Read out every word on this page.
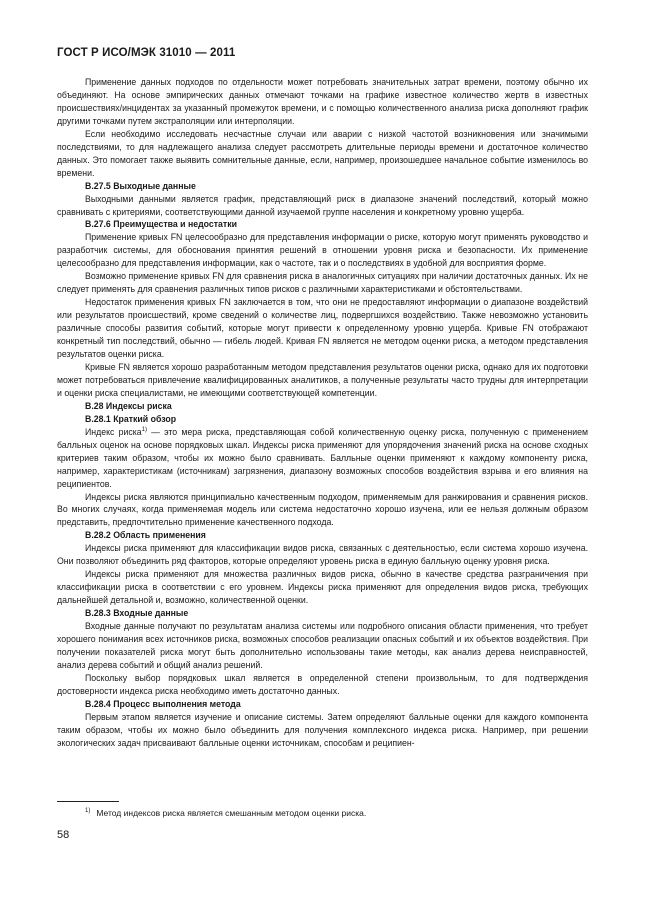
ГОСТ Р ИСО/МЭК 31010 — 2011

Применение данных подходов по отдельности может потребовать значительных затрат времени, поэтому обычно их объединяют. На основе эмпирических данных отмечают точками на графике известное количество жертв в известных происшествиях/инцидентах за указанный промежуток времени, и с помощью количественного анализа риска дополняют график другими точками путем экстраполяции или интерполяции.

Если необходимо исследовать несчастные случаи или аварии с низкой частотой возникновения или значимыми последствиями, то для надлежащего анализа следует рассмотреть длительные периоды времени и достаточное количество данных. Это помогает также выявить сомнительные данные, если, например, произошедшее начальное событие изменилось во времени.

В.27.5 Выходные данные

Выходными данными является график, представляющий риск в диапазоне значений последствий, который можно сравнивать с критериями, соответствующими данной изучаемой группе населения и конкретному уровню ущерба.

В.27.6 Преимущества и недостатки

Применение кривых FN целесообразно для представления информации о риске, которую могут применять руководство и разработчик системы, для обоснования принятия решений в отношении уровня риска и безопасности. Их применение целесообразно для представления информации, как о частоте, так и о последствиях в удобной для восприятия форме.

Возможно применение кривых FN для сравнения риска в аналогичных ситуациях при наличии достаточных данных. Их не следует применять для сравнения различных типов рисков с различными характеристиками и обстоятельствами.

Недостаток применения кривых FN заключается в том, что они не предоставляют информации о диапазоне воздействий или результатов происшествий, кроме сведений о количестве лиц, подвергшихся воздействию. Также невозможно установить различные способы развития событий, которые могут привести к определенному уровню ущерба. Кривые FN отображают конкретный тип последствий, обычно — гибель людей. Кривая FN является не методом оценки риска, а методом представления результатов оценки риска.

Кривые FN является хорошо разработанным методом представления результатов оценки риска, однако для их подготовки может потребоваться привлечение квалифицированных аналитиков, а полученные результаты часто трудны для интерпретации и оценки риска специалистами, не имеющими соответствующей компетенции.

В.28 Индексы риска
В.28.1 Краткий обзор

Индекс риска$^{1)}$ — это мера риска, представляющая собой количественную оценку риска, полученную с применением балльных оценок на основе порядковых шкал. Индексы риска применяют для упорядочения значений риска на основе сходных критериев таким образом, чтобы их можно было сравнивать. Балльные оценки применяют к каждому компоненту риска, например, характеристикам (источникам) загрязнения, диапазону возможных способов воздействия взрыва и его влияния на реципиентов.

Индексы риска являются принципиально качественным подходом, применяемым для ранжирования и сравнения рисков. Во многих случаях, когда применяемая модель или система недостаточно хорошо изучена, или ее нельзя должным образом представить, предпочтительно применение качественного подхода.

В.28.2 Область применения

Индексы риска применяют для классификации видов риска, связанных с деятельностью, если система хорошо изучена. Они позволяют объединить ряд факторов, которые определяют уровень риска в единую балльную оценку уровня риска.

Индексы риска применяют для множества различных видов риска, обычно в качестве средства разграничения при классификации риска в соответствии с его уровнем. Индексы риска применяют для определения видов риска, требующих дальнейшей детальной и, возможно, количественной оценки.

В.28.3 Входные данные

Входные данные получают по результатам анализа системы или подробного описания области применения, что требует хорошего понимания всех источников риска, возможных способов реализации опасных событий и их объектов воздействия. При получении показателей риска могут быть дополнительно использованы такие методы, как анализ дерева неисправностей, анализ дерева событий и общий анализ решений.

Поскольку выбор порядковых шкал является в определенной степени произвольным, то для подтверждения достоверности индекса риска необходимо иметь достаточно данных.

В.28.4 Процесс выполнения метода

Первым этапом является изучение и описание системы. Затем определяют балльные оценки для каждого компонента таким образом, чтобы их можно было объединить для получения комплексного индекса риска. Например, при решении экологических задач присваивают балльные оценки источникам, способам и реципиен-

$^{1)}$ Метод индексов риска является смешанным методом оценки риска.
58
